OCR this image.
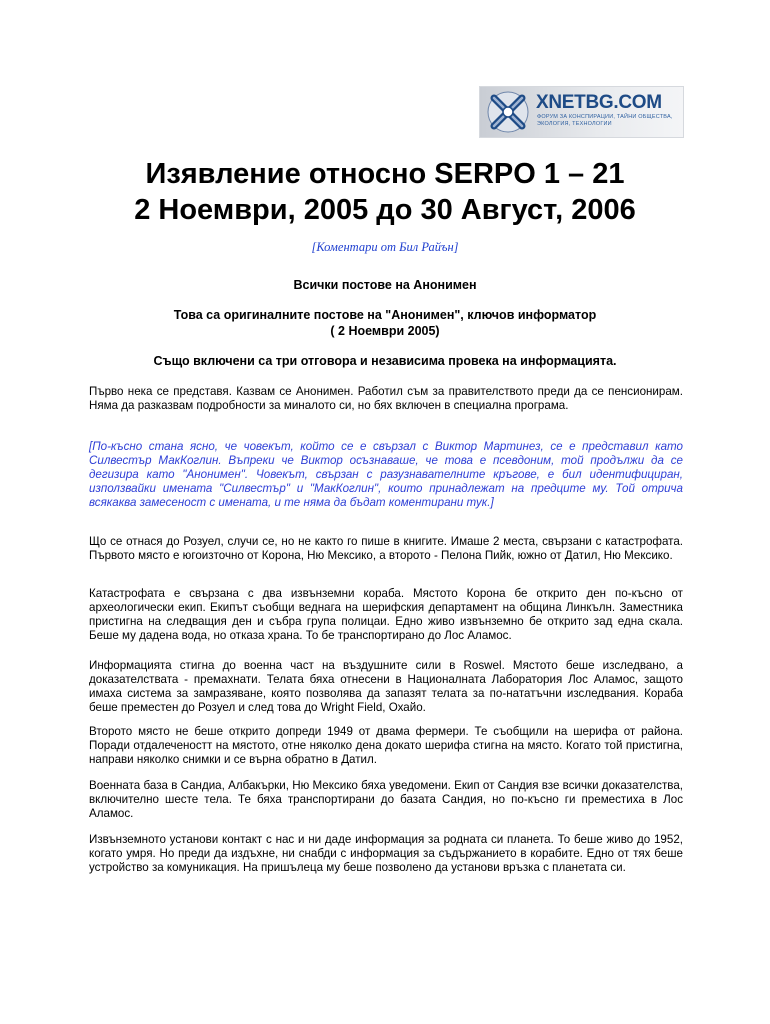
XNETBG.COM
ФОРУМ ЗА КОНСПИРАЦИИ, ТАЙНИ ОБЩЕСТВА, ЭКОЛОГИЯ, ТЕХНОЛОГИИ
Изявление относно SERPO 1 – 21
2 Ноември, 2005 до 30 Август, 2006
[Коментари от Бил Райън]

Всички постове на Анонимен

Това са оригиналните постове на "Анонимен", ключов информатор

( 2 Ноември 2005)

Също включени са три отговора и независима провека на информацията.

Първо нека се представя. Казвам се Анонимен. Работил съм за правителството преди да се пенсионирам. Няма да разказвам подробности за миналото си, но бях включен в специална програма.

[По-късно стана ясно, че човекът, който се е свързал с Виктор Мартинез, се е представил като Силвестър МакКоглин. Въпреки че Виктор осъзнаваше, че това е псевдоним, той продължи да се дегизира като "Анонимен". Човекът, свързан с разузнавателните кръгове, е бил идентифициран, използвайки имената "Силвестър" и "МакКоглин", които принадлежат на предците му. Той отрича всякаква замесеност с имената, и те няма да бъдат коментирани тук.]

Що се отнася до Розуел, случи се, но не както го пише в книгите. Имаше 2 места, свързани с катастрофата. Първото място е югоизточно от Корона, Ню Мексико, а второто - Пелона Пийк, южно от Датил, Ню Мексико.

Катастрофата е свързана с два извънземни кораба. Мястото Корона бе открито ден по-късно от археологически екип. Екипът съобщи веднага на шерифския департамент на община Линкълн. Заместника пристигна на следващия ден и събра група полицаи. Едно живо извънземно бе открито зад една скала. Беше му дадена вода, но отказа храна. То бе транспортирано до Лос Аламос.

Информацията стигна до военна част на въздушните сили в Roswel. Мястото беше изследвано, а доказателствата - премахнати. Телата бяха отнесени в Националната Лаборатория Лос Аламос, защото имаха система за замразяване, която позволява да запазят телата за по-нататъчни изследвания. Кораба беше преместен до Розуел и след това до Wright Field, Охайо.

Второто място не беше открито допреди 1949 от двама фермери. Те съобщили на шерифа от района. Поради отдалеченостт на мястото, отне няколко дена докато шерифа стигна на място. Когато той пристигна, направи няколко снимки и се върна обратно в Датил.

Военната база в Сандиа, Албакърки, Ню Мексико бяха уведомени. Екип от Сандия взе всички доказателства, включително шесте тела. Те бяха транспортирани до базата Сандия, но по-късно ги преместиха в Лос Аламос.

Извънземното установи контакт с нас и ни даде информация за родната си планета. То беше живо до 1952, когато умря. Но преди да издъхне, ни снабди с информация за съдържанието в корабите. Едно от тях беше устройство за комуникация. На пришълеца му беше позволено да установи връзка с планетата си.
